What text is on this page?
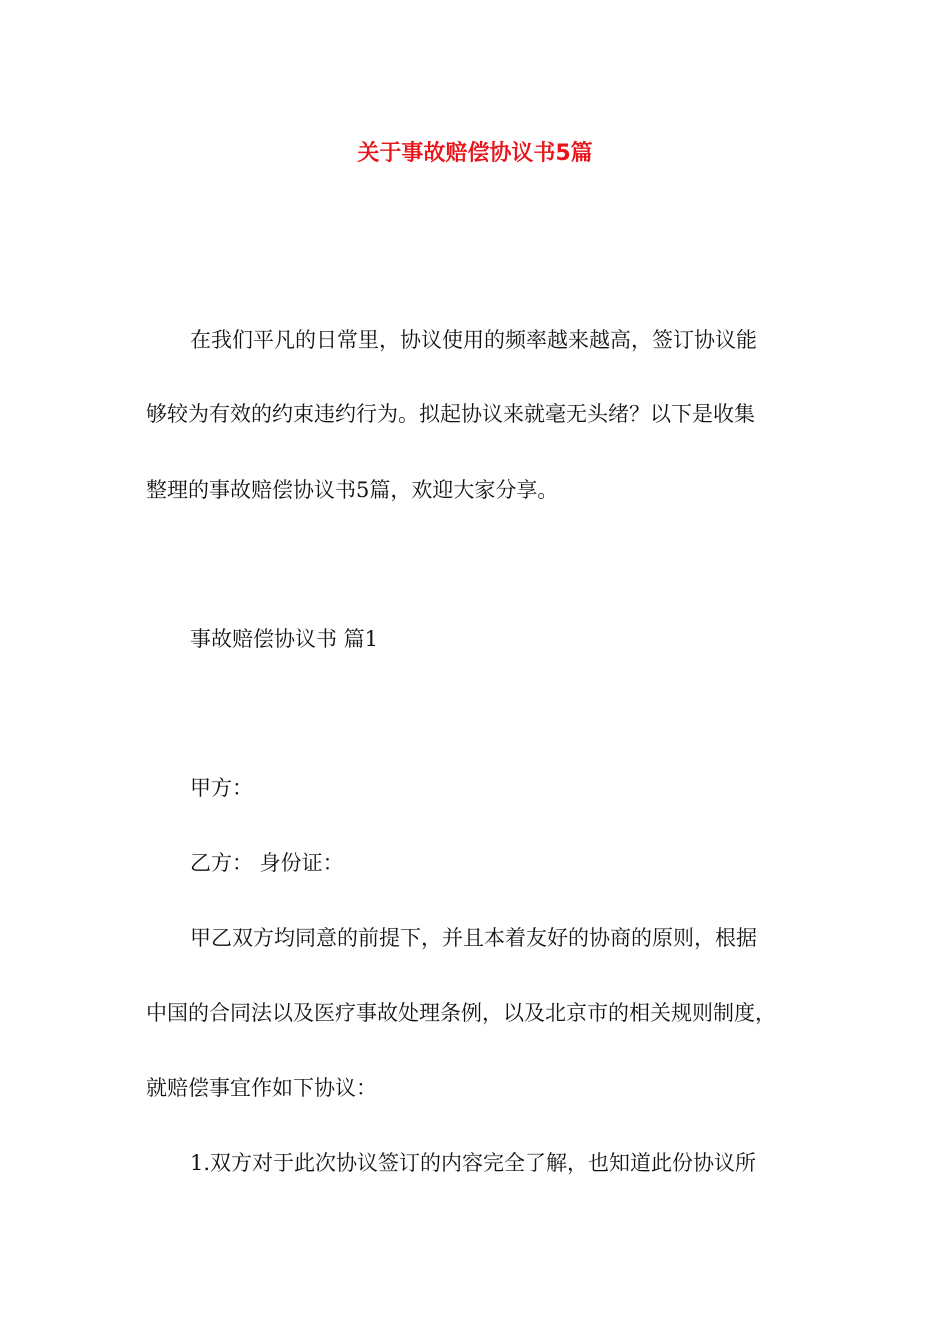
关于事故赔偿协议书5篇

在我们平凡的日常里，协议使用的频率越来越高，签订协议能

够较为有效的约束违约行为。拟起协议来就毫无头绪？以下是收集

整理的事故赔偿协议书5篇，欢迎大家分享。

事故赔偿协议书 篇1

甲方：

乙方： 身份证：

甲乙双方均同意的前提下，并且本着友好的协商的原则，根据

中国的合同法以及医疗事故处理条例，以及北京市的相关规则制度，

就赔偿事宜作如下协议：

1.双方对于此次协议签订的内容完全了解，也知道此份协议所
